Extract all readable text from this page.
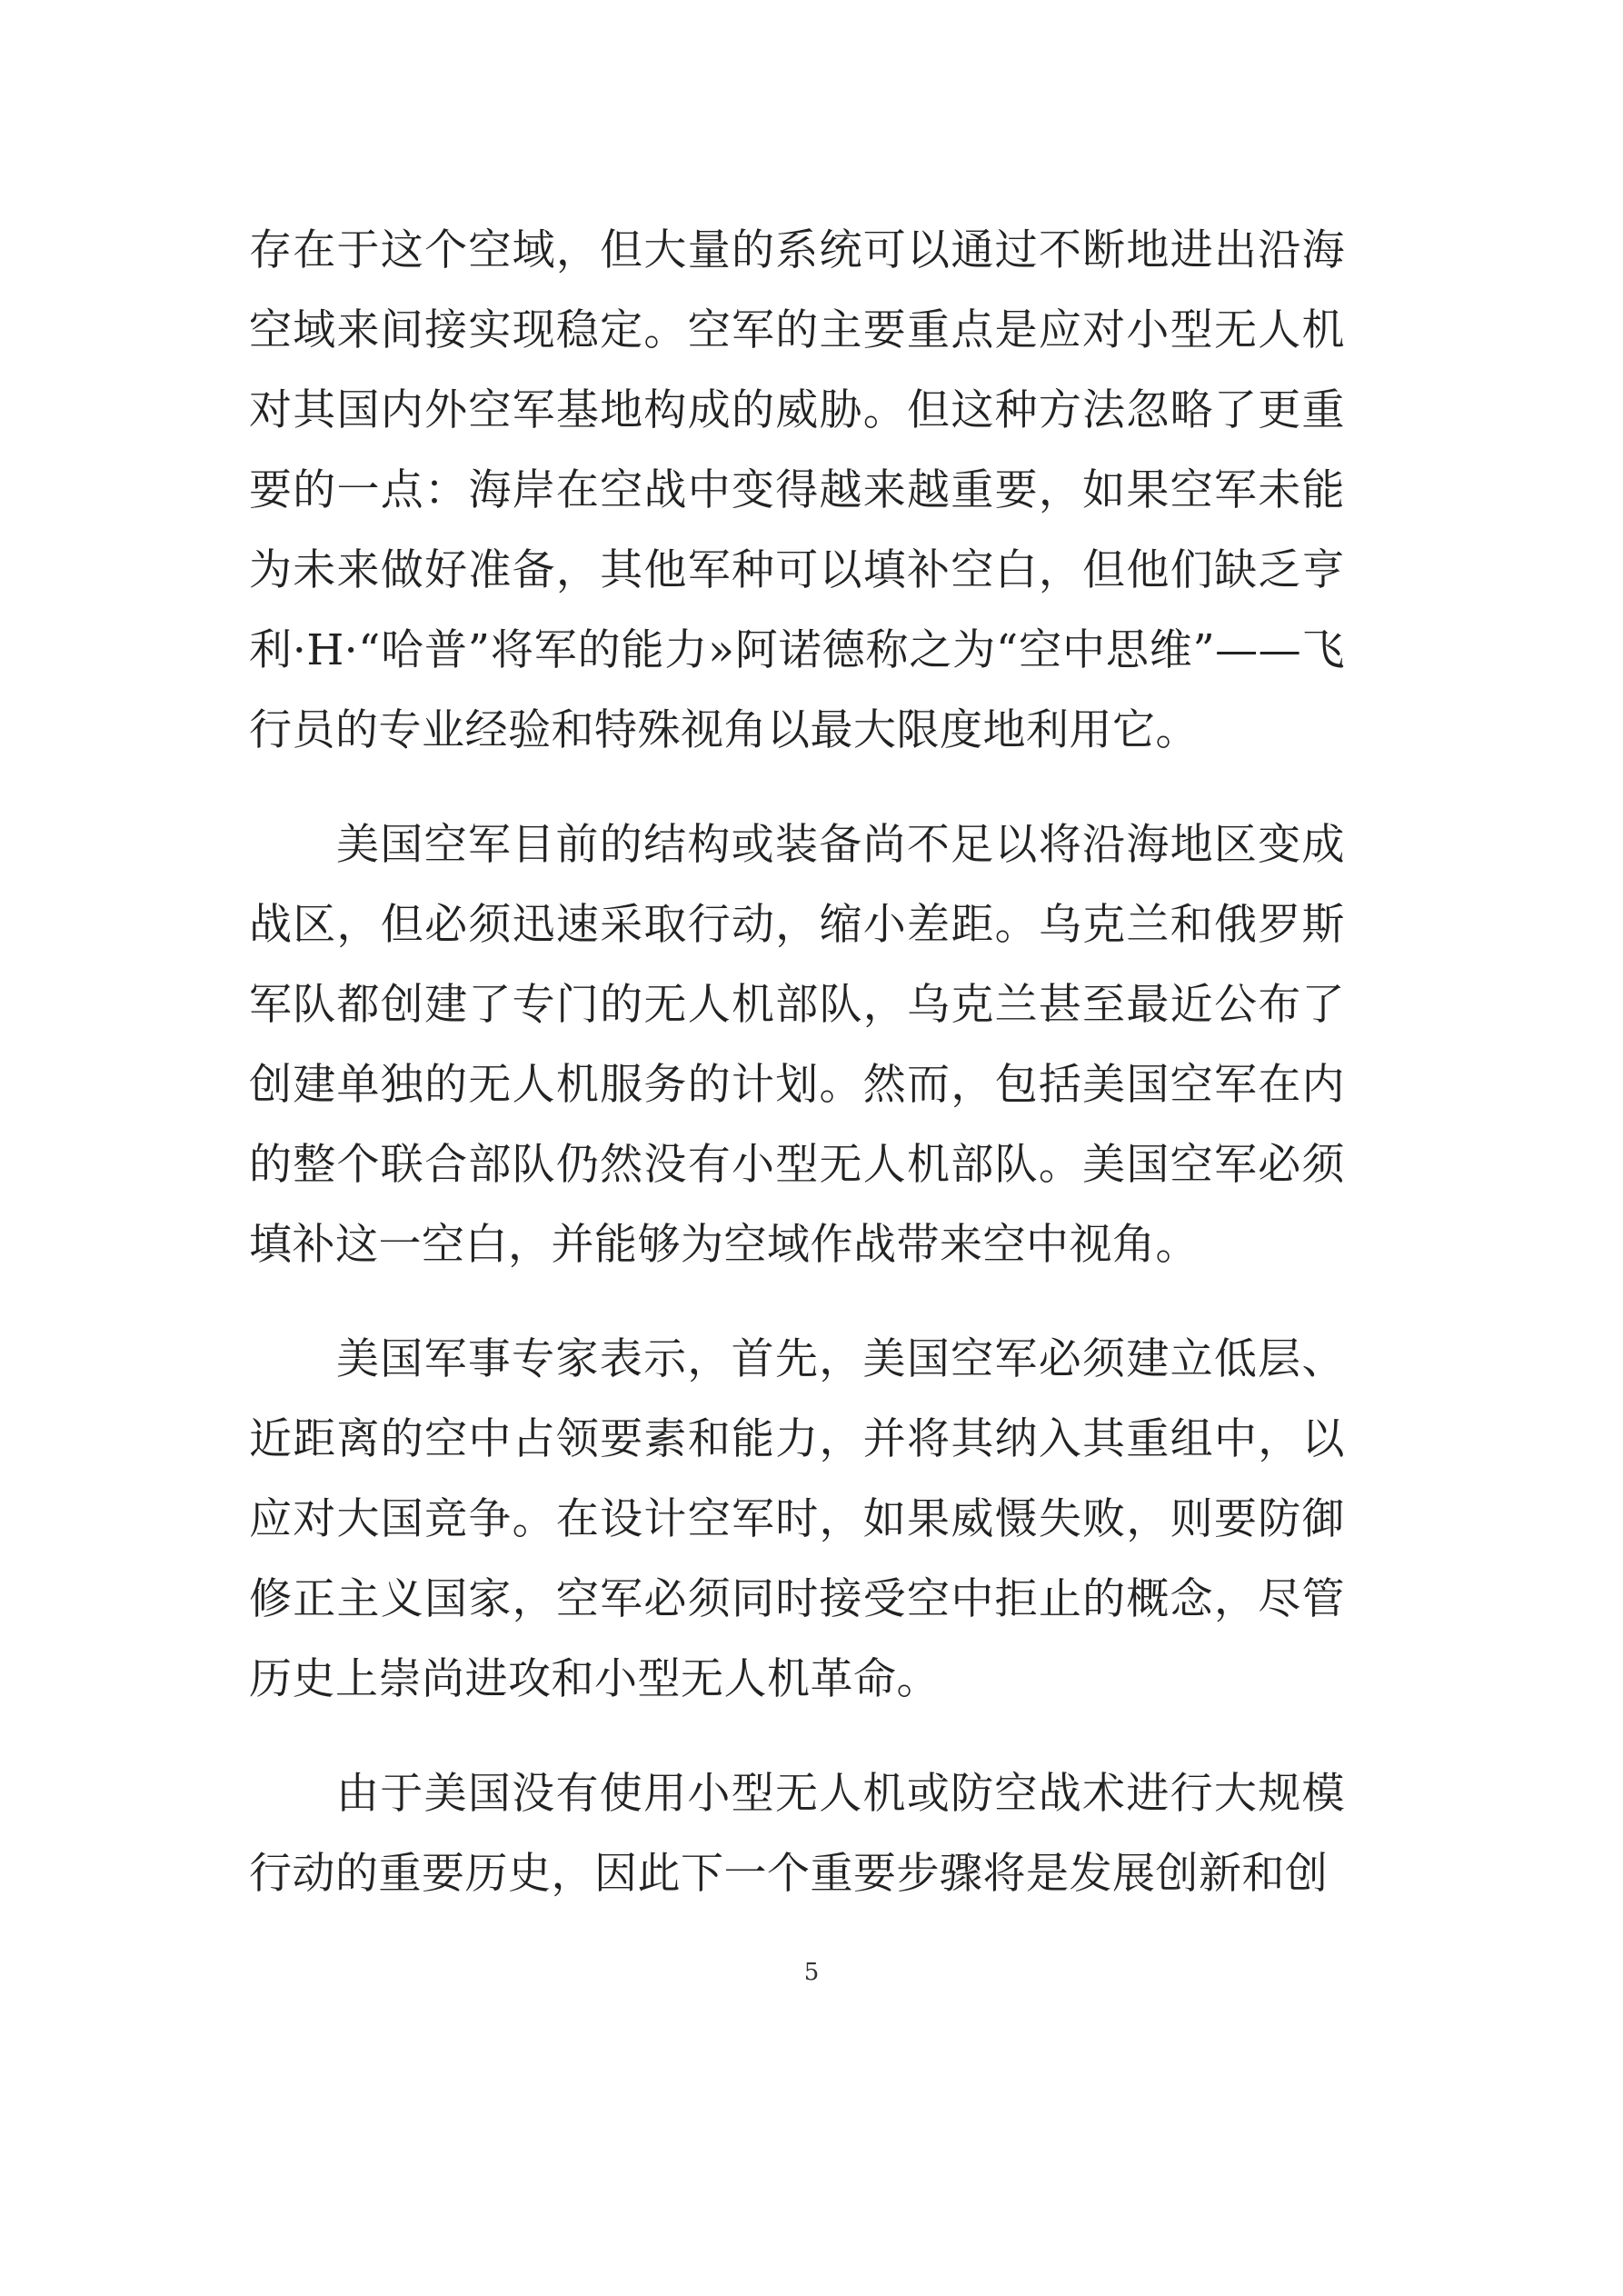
存在于这个空域，但大量的系统可以通过不断地进出沿海空域来间接实现稳定。空军的主要重点是应对小型无人机对其国内外空军基地构成的威胁。但这种方法忽略了更重要的一点：海岸在空战中变得越来越重要，如果空军未能为未来做好准备，其他军种可以填补空白，但他们缺乏亨利·H·“哈普”将军的能力»阿诺德称之为“空中思维”——飞行员的专业经验和特殊视角以最大限度地利用它。

美国空军目前的结构或装备尚不足以将沿海地区变成战区，但必须迅速采取行动，缩小差距。乌克兰和俄罗斯军队都创建了专门的无人机部队，乌克兰甚至最近公布了创建单独的无人机服务的计划。然而，包括美国空军在内的整个联合部队仍然没有小型无人机部队。美国空军必须填补这一空白，并能够为空域作战带来空中视角。

美国军事专家表示，首先，美国空军必须建立低层、近距离的空中占领要素和能力，并将其纳入其重组中，以应对大国竞争。在设计空军时，如果威慑失败，则要防御修正主义国家，空军必须同时接受空中拒止的概念，尽管历史上崇尚进攻和小型无人机革命。

由于美国没有使用小型无人机或防空战术进行大规模行动的重要历史，因此下一个重要步骤将是发展创新和创

5
